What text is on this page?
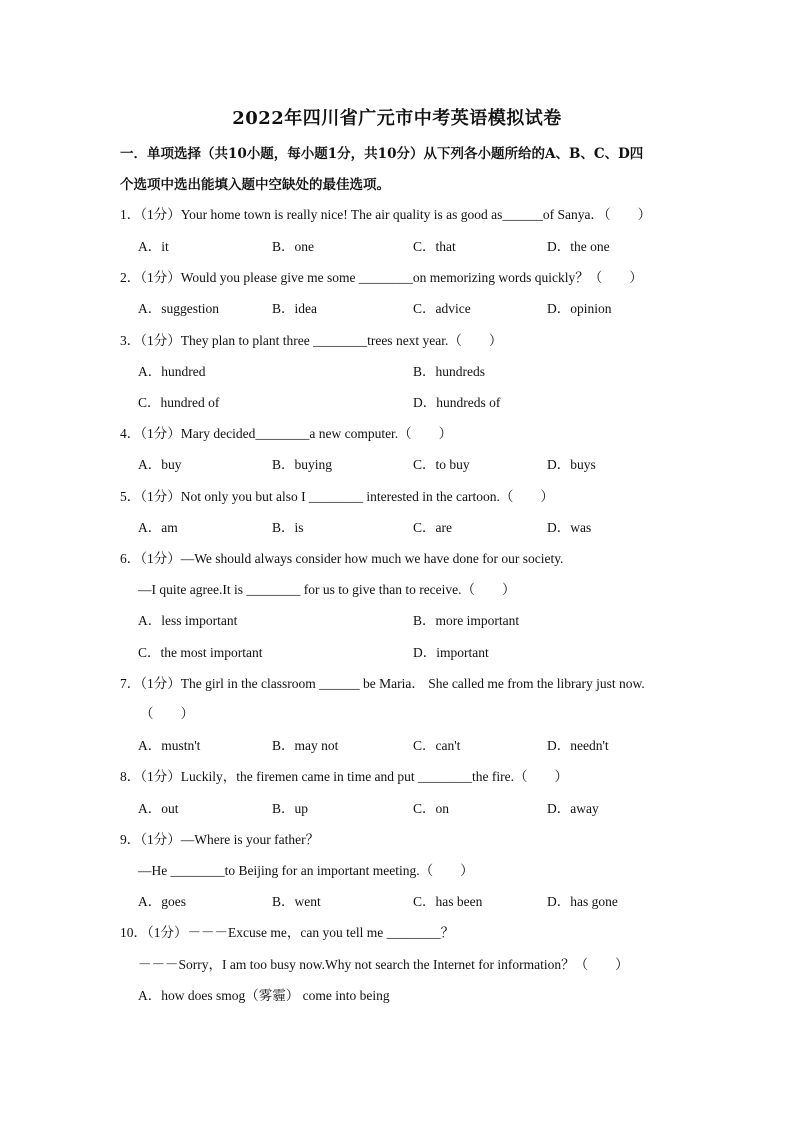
2022年四川省广元市中考英语模拟试卷
一．单项选择（共10小题，每小题1分，共10分）从下列各小题所给的A、B、C、D四
个选项中选出能填入题中空缺处的最佳选项。
1．（1分）Your home town is really nice! The air quality is as good as______of Sanya．（　　）
A．it	B．one	C．that	D．the one
2．（1分）Would you please give me some ________on memorizing words quickly？（　　）
A．suggestion	B．idea	C．advice	D．opinion
3．（1分）They plan to plant three ________trees next year.（　　）
A．hundred	B．hundreds
C．hundred of	D．hundreds of
4．（1分）Mary decided________a new computer.（　　）
A．buy	B．buying	C．to buy	D．buys
5．（1分）Not only you but also I ________ interested in the cartoon.（　　）
A．am	B．is	C．are	D．was
6．（1分）—We should always consider how much we have done for our society.
—I quite agree.It is ________ for us to give than to receive.（　　）
A．less important	B．more important
C．the most important	D．important
7．（1分）The girl in the classroom ______ be Maria． She called me from the library just now.
（　　）
A．mustn't	B．may not	C．can't	D．needn't
8．（1分）Luckily，the firemen came in time and put ________the fire.（　　）
A．out	B．up	C．on	D．away
9．（1分）—Where is your father？
—He ________to Beijing for an important meeting.（　　）
A．goes	B．went	C．has been	D．has gone
10．（1分）－－－Excuse me，can you tell me ________？
－－－Sorry，I am too busy now.Why not search the Internet for information？（　　）
A．how does smog（雾霾） come into being
